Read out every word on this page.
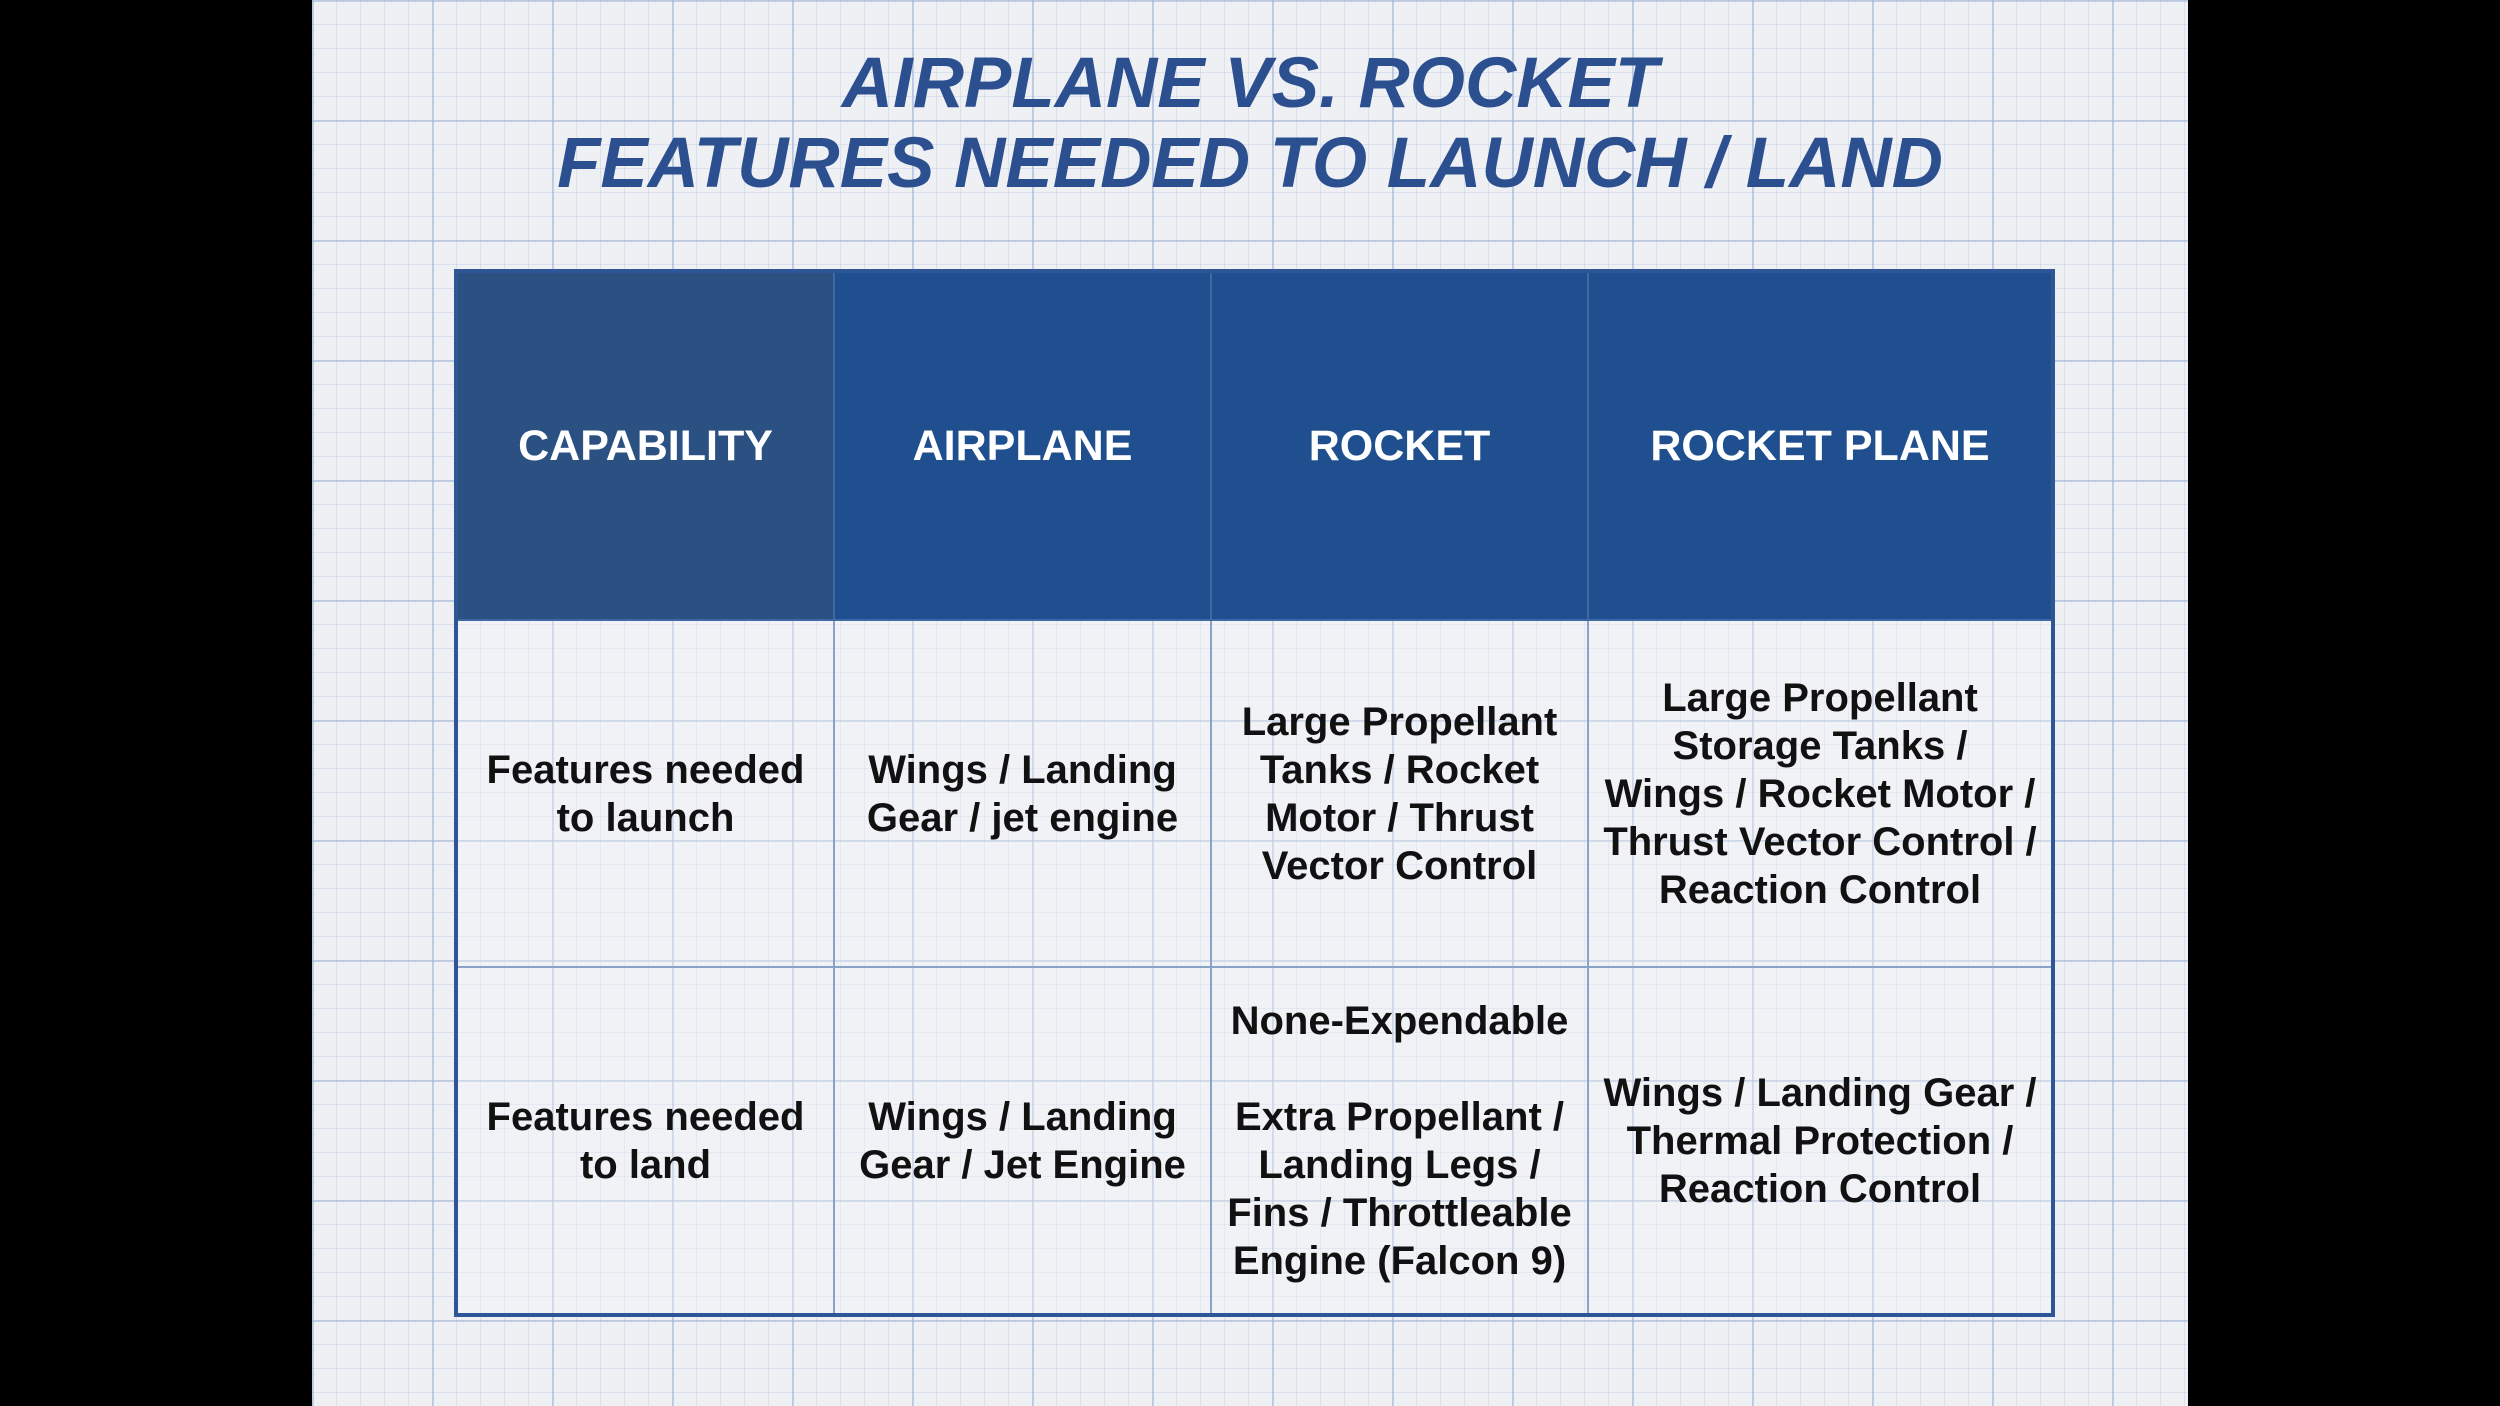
AIRPLANE VS. ROCKET
FEATURES NEEDED TO LAUNCH / LAND
CAPABILITY	AIRPLANE	ROCKET	ROCKET PLANE

Features needed
to launch	Wings / Landing
Gear / jet engine	Large Propellant
Tanks / Rocket
Motor / Thrust
Vector Control	Large Propellant
Storage Tanks /
Wings / Rocket Motor /
Thrust Vector Control /
Reaction Control

Features needed
to land	Wings / Landing
Gear / Jet Engine	None-Expendable
Extra Propellant /
Landing Legs /
Fins / Throttleable
Engine (Falcon 9)	Wings / Landing Gear /
Thermal Protection /
Reaction Control
